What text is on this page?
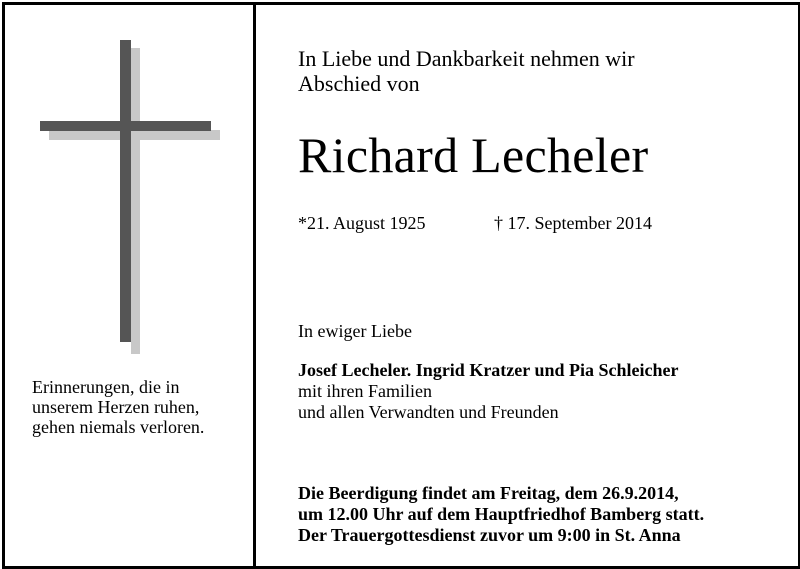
Erinnerungen, die in
unserem Herzen ruhen,
gehen niemals verloren.
In Liebe und Dankbarkeit nehmen wir
Abschied von
Richard Lecheler
*21. August 1925	† 17. September 2014
In ewiger Liebe
Josef Lecheler. Ingrid Kratzer und Pia Schleicher
mit ihren Familien
und allen Verwandten und Freunden
Die Beerdigung findet am Freitag, dem 26.9.2014,
um 12.00 Uhr auf dem Hauptfriedhof Bamberg statt.
Der Trauergottesdienst zuvor um 9:00 in St. Anna
